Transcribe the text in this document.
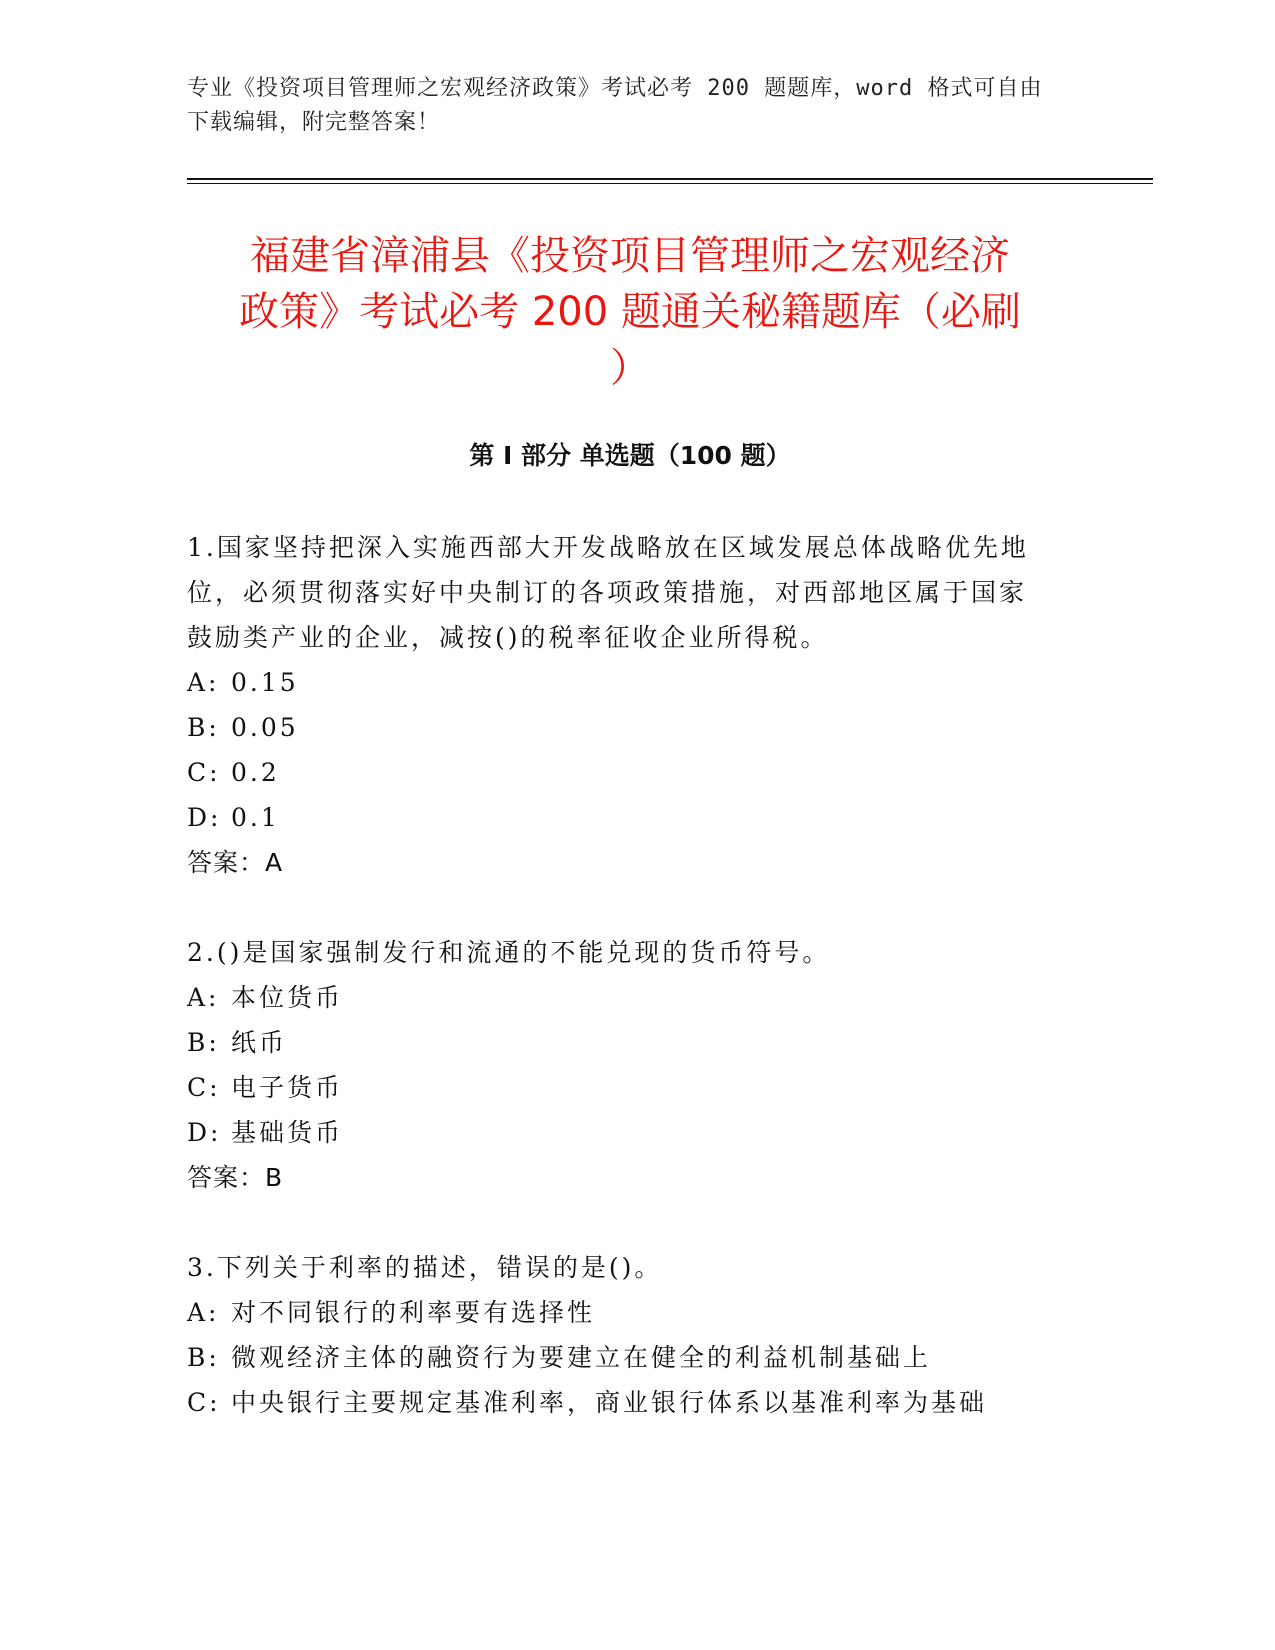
专业《投资项目管理师之宏观经济政策》考试必考 200 题题库，word 格式可自由
下载编辑，附完整答案！
福建省漳浦县《投资项目管理师之宏观经济
政策》考试必考 200 题通关秘籍题库（必刷
）
第 I 部分 单选题（100 题）
1.国家坚持把深入实施西部大开发战略放在区域发展总体战略优先地
位，必须贯彻落实好中央制订的各项政策措施，对西部地区属于国家
鼓励类产业的企业，减按()的税率征收企业所得税。
A: 0.15
B: 0.05
C: 0.2
D: 0.1
答案：A
2.()是国家强制发行和流通的不能兑现的货币符号。
A: 本位货币
B: 纸币
C: 电子货币
D: 基础货币
答案：B
3.下列关于利率的描述，错误的是()。
A: 对不同银行的利率要有选择性
B: 微观经济主体的融资行为要建立在健全的利益机制基础上
C: 中央银行主要规定基准利率，商业银行体系以基准利率为基础
